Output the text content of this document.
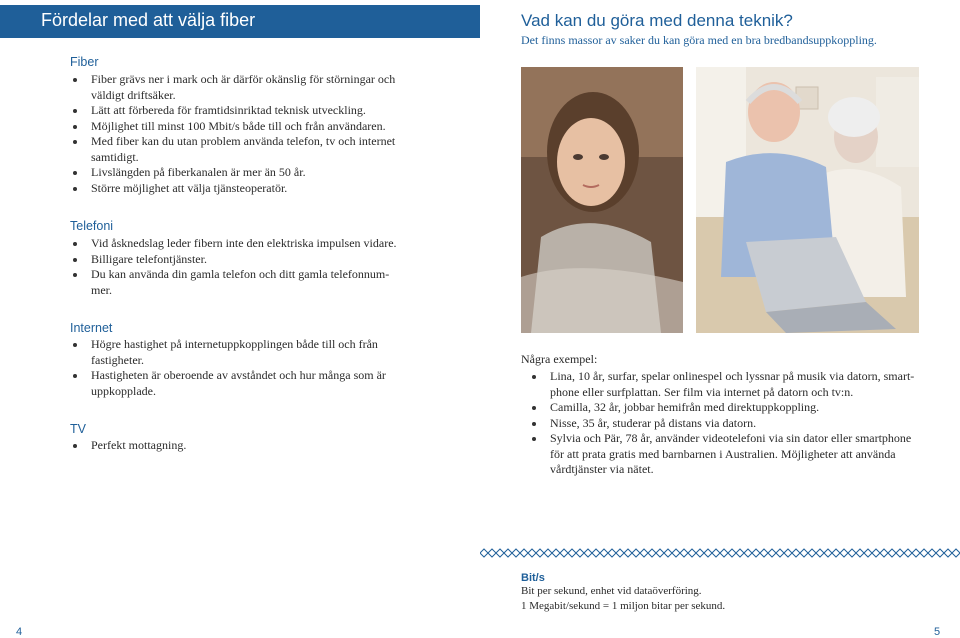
Fördelar med att välja fiber
Fiber
Fiber grävs ner i mark och är därför okänslig för störningar och
väldigt driftsäker.
Lätt att förbereda för framtidsinriktad teknisk utveckling.
Möjlighet till minst 100 Mbit/s både till och från användaren.
Med fiber kan du utan problem använda telefon, tv och internet
samtidigt.
Livslängden på fiberkanalen är mer än 50 år.
Större möjlighet att välja tjänsteoperatör.
Telefoni
Vid åsknedslag leder fibern inte den elektriska impulsen vidare.
Billigare telefontjänster.
Du kan använda din gamla telefon och ditt gamla telefonnum-
mer.
Internet
Högre hastighet på internetuppkopplingen både till och från
fastigheter.
Hastigheten är oberoende av avståndet och hur många som är
uppkopplade.
TV
Perfekt mottagning.
4
Vad kan du göra med denna teknik?
Det finns massor av saker du kan göra med en bra bredbandsuppkoppling.
Några exempel:
Lina, 10 år, surfar, spelar onlinespel och lyssnar på musik via datorn, smart-
phone eller surfplattan. Ser film via internet på datorn och tv:n.
Camilla, 32 år, jobbar hemifrån med direktuppkoppling.
Nisse, 35 år, studerar på distans via datorn.
Sylvia och Pär, 78 år, använder videotelefoni via sin dator eller smartphone
för att prata gratis med barnbarnen i Australien. Möjligheter att använda
vårdtjänster via nätet.
Bit/s
Bit per sekund, enhet vid dataöverföring.
1 Megabit/sekund = 1 miljon bitar per sekund.
5
